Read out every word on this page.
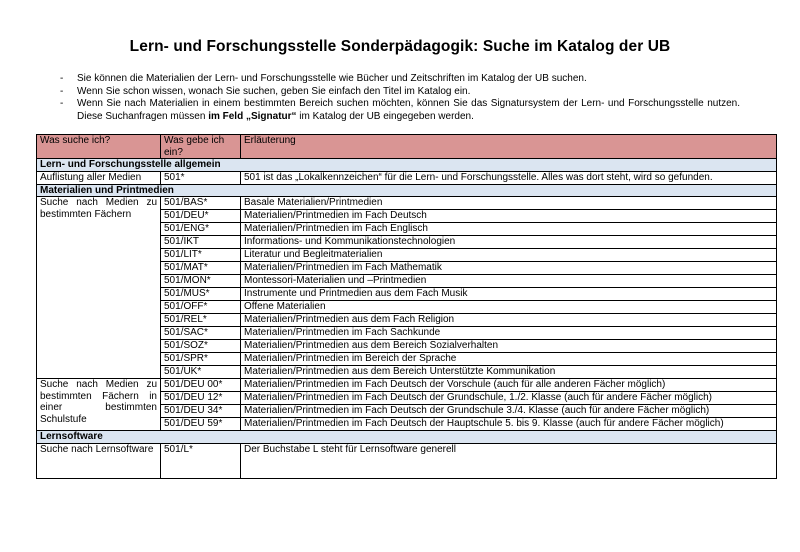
Lern- und Forschungsstelle Sonderpädagogik: Suche im Katalog der UB
- Sie können die Materialien der Lern- und Forschungsstelle wie Bücher und Zeitschriften im Katalog der UB suchen.
- Wenn Sie schon wissen, wonach Sie suchen, geben Sie einfach den Titel im Katalog ein.
- Wenn Sie nach Materialien in einem bestimmten Bereich suchen möchten, können Sie das Signatursystem der Lern- und Forschungsstelle nutzen. Diese Suchanfragen müssen im Feld „Signatur“ im Katalog der UB eingegeben werden.
Was suche ich?	Was gebe ich ein?	Erläuterung
Lern- und Forschungsstelle allgemein		
Auflistung aller Medien	501*	501 ist das „Lokalkennzeichen“ für die Lern- und Forschungsstelle. Alles was dort steht, wird so gefunden.
Materialien und Printmedien		
Suche nach Medien zu bestimmten Fächern	501/BAS*	Basale Materialien/Printmedien
	501/DEU*	Materialien/Printmedien im Fach Deutsch
	501/ENG*	Materialien/Printmedien im Fach Englisch
	501/IKT	Informations- und Kommunikationstechnologien
	501/LIT*	Literatur und Begleitmaterialien
	501/MAT*	Materialien/Printmedien im Fach Mathematik
	501/MON*	Montessori-Materialien und –Printmedien
	501/MUS*	Instrumente und Printmedien aus dem Fach Musik
	501/OFF*	Offene Materialien
	501/REL*	Materialien/Printmedien aus dem Fach Religion
	501/SAC*	Materialien/Printmedien im Fach Sachkunde
	501/SOZ*	Materialien/Printmedien aus dem Bereich Sozialverhalten
	501/SPR*	Materialien/Printmedien im Bereich der Sprache
	501/UK*	Materialien/Printmedien aus dem Bereich Unterstützte Kommunikation
Suche nach Medien zu bestimmten Fächern in einer bestimmten Schulstufe	501/DEU 00*	Materialien/Printmedien im Fach Deutsch der Vorschule (auch für alle anderen Fächer möglich)
	501/DEU 12*	Materialien/Printmedien im Fach Deutsch der Grundschule, 1./2. Klasse (auch für andere Fächer möglich)
	501/DEU 34*	Materialien/Printmedien im Fach Deutsch der Grundschule 3./4. Klasse (auch für andere Fächer möglich)
	501/DEU 59*	Materialien/Printmedien im Fach Deutsch der Hauptschule 5. bis 9. Klasse (auch für andere Fächer möglich)
Lernsoftware		
Suche nach Lernsoftware	501/L*	Der Buchstabe L steht für Lernsoftware generell
